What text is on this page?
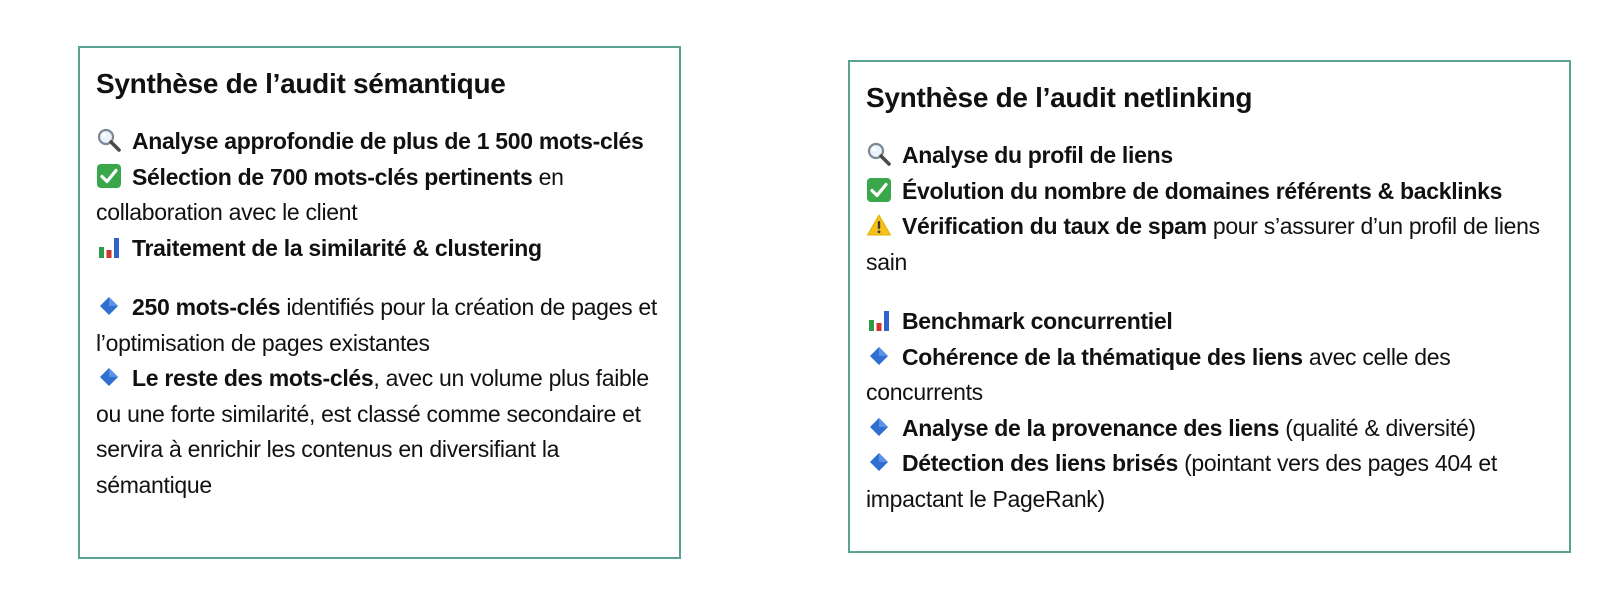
Synthèse de l’audit sémantique
Analyse approfondie de plus de 1 500 mots-clés
Sélection de 700 mots-clés pertinents en collaboration avec le client
Traitement de la similarité & clustering
250 mots-clés identifiés pour la création de pages et l’optimisation de pages existantes
Le reste des mots-clés, avec un volume plus faible ou une forte similarité, est classé comme secondaire et servira à enrichir les contenus en diversifiant la sémantique
Synthèse de l’audit netlinking
Analyse du profil de liens
Évolution du nombre de domaines référents & backlinks
Vérification du taux de spam pour s’assurer d’un profil de liens sain
Benchmark concurrentiel
Cohérence de la thématique des liens avec celle des concurrents
Analyse de la provenance des liens (qualité & diversité)
Détection des liens brisés (pointant vers des pages 404 et impactant le PageRank)
